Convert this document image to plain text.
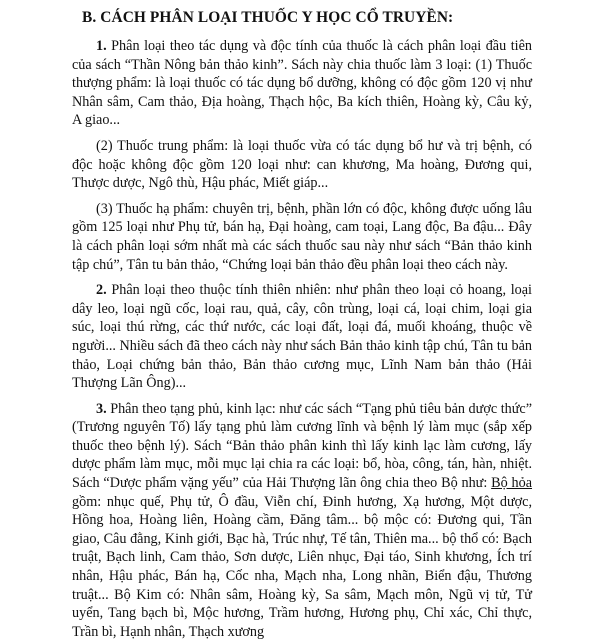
B. CÁCH PHÂN LOẠI THUỐC Y HỌC CỔ TRUYỀN:

1. Phân loại theo tác dụng và độc tính của thuốc là cách phân loại đầu tiên của sách “Thần Nông bản thảo kinh”. Sách này chia thuốc làm 3 loại: (1) Thuốc thượng phẩm: là loại thuốc có tác dụng bổ dưỡng, không có độc gồm 120 vị như Nhân sâm, Cam thảo, Địa hoàng, Thạch hộc, Ba kích thiên, Hoàng kỳ, Câu kỷ, A giao...

(2) Thuốc trung phẩm: là loại thuốc vừa có tác dụng bổ hư và trị bệnh, có độc hoặc không độc gồm 120 loại như: can khương, Ma hoàng, Đương qui, Thược dược, Ngô thù, Hậu phác, Miết giáp...

(3) Thuốc hạ phẩm: chuyên trị, bệnh, phần lớn có độc, không được uống lâu gồm 125 loại như Phụ tử, bán hạ, Đại hoàng, cam toại, Lang độc, Ba đậu... Đây là cách phân loại sớm nhất mà các sách thuốc sau này như sách “Bản thảo kinh tập chú”, Tân tu bản thảo, “Chứng loại bản thảo đều phân loại theo cách này.

2. Phân loại theo thuộc tính thiên nhiên: như phân theo loại cỏ hoang, loại dây leo, loại ngũ cốc, loại rau, quả, cây, côn trùng, loại cá, loại chim, loại gia súc, loại thú rừng, các thứ nước, các loại đất, loại đá, muối khoáng, thuộc về người... Nhiều sách đã theo cách này như sách Bản thảo kinh tập chú, Tân tu bản thảo, Loại chứng bản thảo, Bản thảo cương mục, Lĩnh Nam bản thảo (Hải Thượng Lãn Ông)...

3. Phân theo tạng phủ, kinh lạc: như các sách “Tạng phủ tiêu bản dược thức” (Trương nguyên Tố) lấy tạng phủ làm cương lĩnh và bệnh lý làm mục (sắp xếp thuốc theo bệnh lý). Sách “Bản thảo phân kinh thì lấy kinh lạc làm cương, lấy dược phẩm làm mục, mỗi mục lại chia ra các loại: bổ, hòa, công, tán, hàn, nhiệt. Sách “Dược phẩm vặng yếu” của Hải Thượng lãn ông chia theo Bộ như: Bộ hỏa gồm: nhục quế, Phụ tử, Ô đầu, Viễn chí, Đinh hương, Xạ hương, Một dược, Hồng hoa, Hoàng liên, Hoàng cầm, Đăng tâm... bộ mộc có: Đương qui, Tần giao, Câu đằng, Kinh giới, Bạc hà, Trúc nhự, Tế tân, Thiên ma... bộ thổ có: Bạch truật, Bạch linh, Cam thảo, Sơn dược, Liên nhục, Đại táo, Sinh khương, Ích trí nhân, Hậu phác, Bán hạ, Cốc nha, Mạch nha, Long nhãn, Biển đậu, Thương truật... Bộ Kim có: Nhân sâm, Hoàng kỳ, Sa sâm, Mạch môn, Ngũ vị tử, Tử uyển, Tang bạch bì, Mộc hương, Trầm hương, Hương phụ, Chỉ xác, Chỉ thực, Trần bì, Hạnh nhân, Thạch xương
